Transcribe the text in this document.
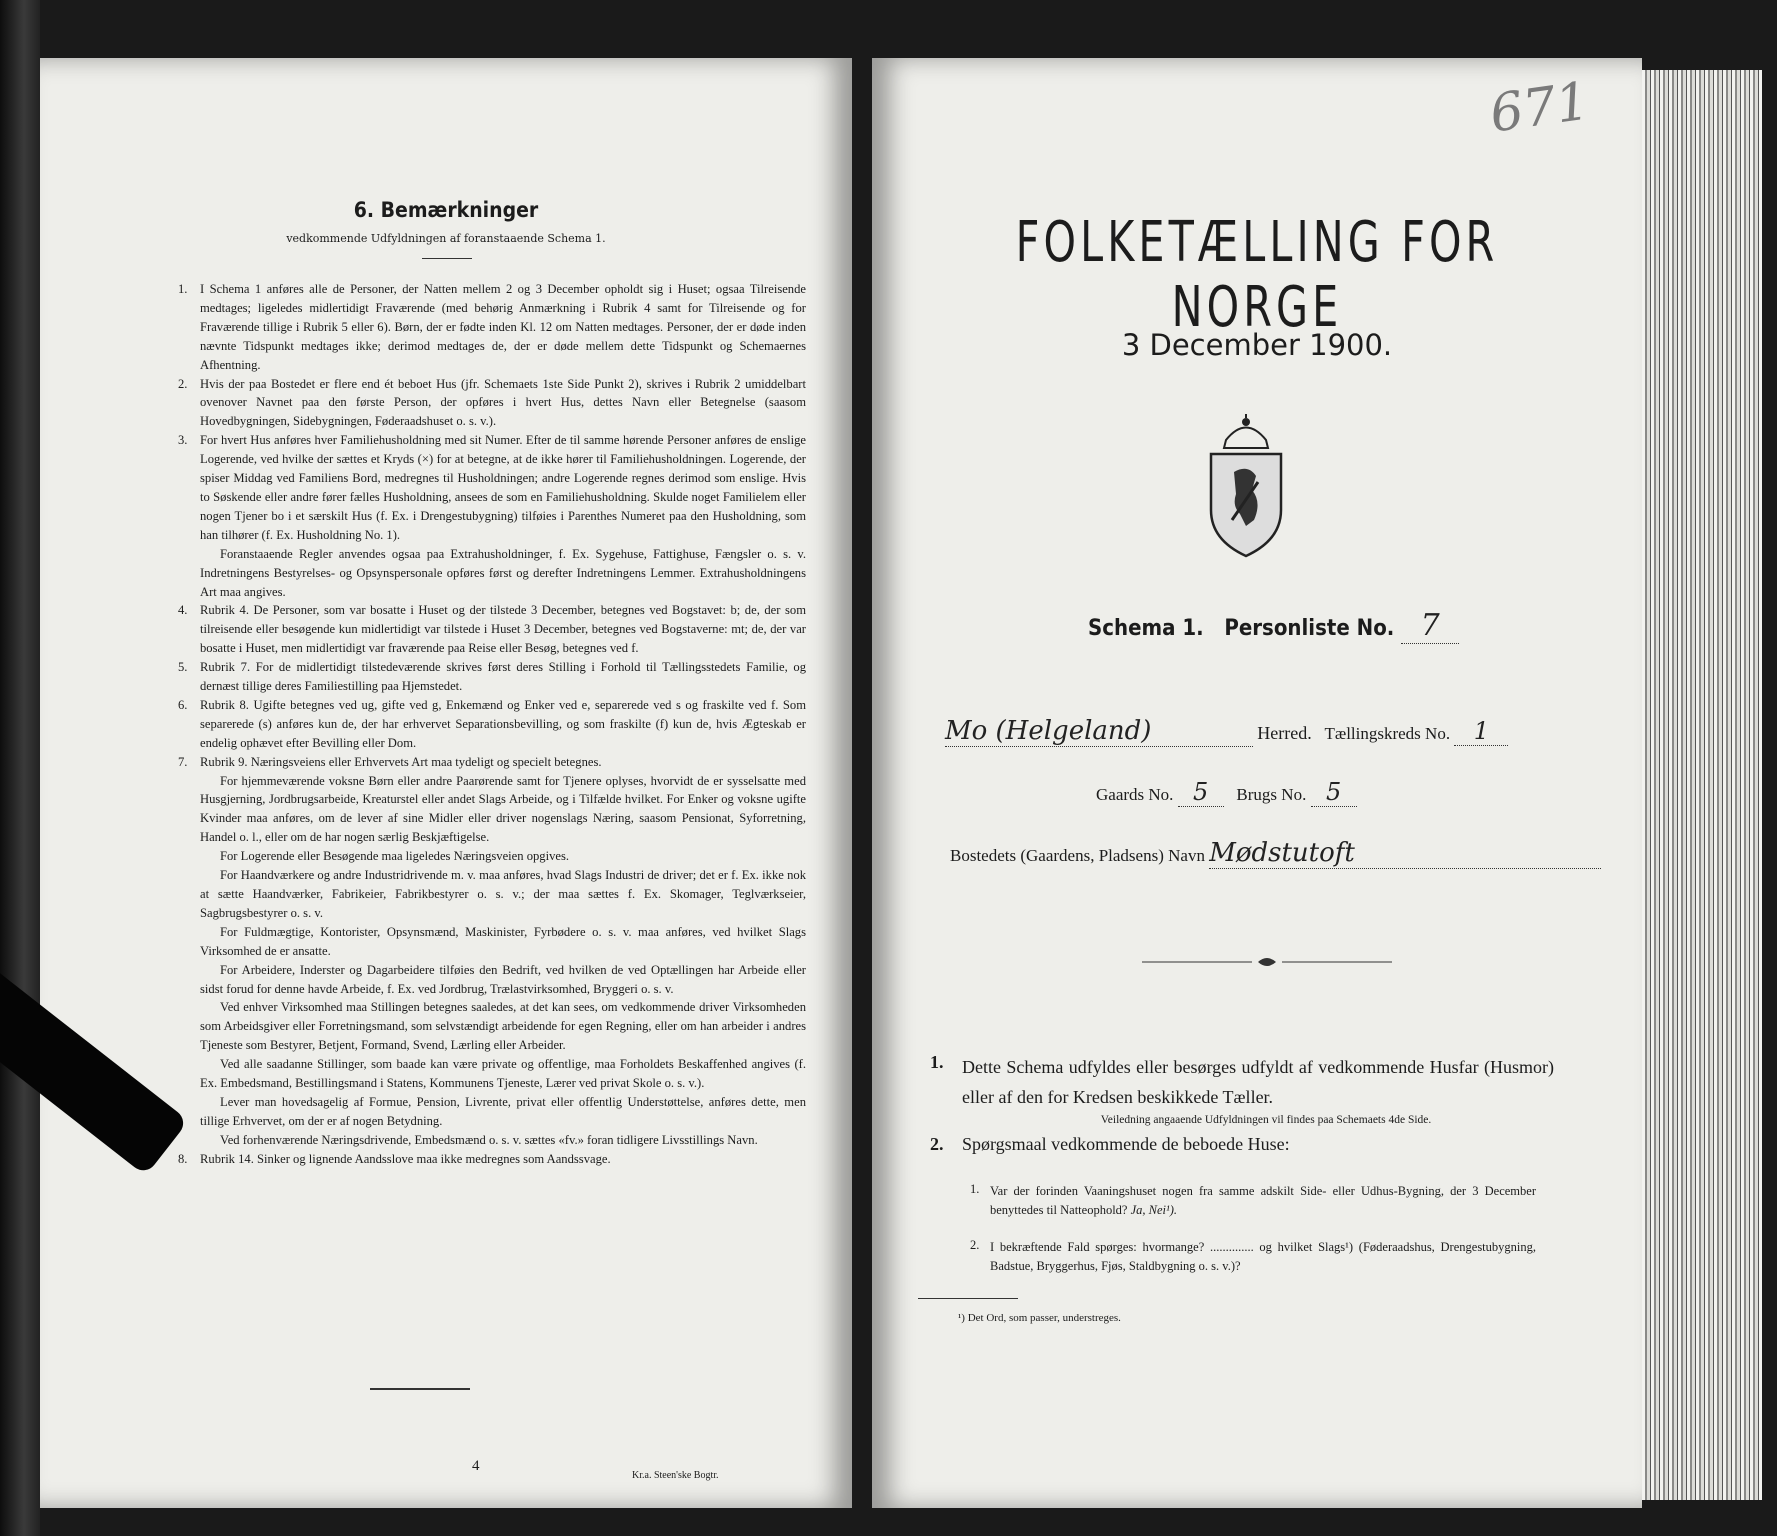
6. Bemærkninger
vedkommende Udfyldningen af foranstaaende Schema 1.

1. I Schema 1 anføres alle de Personer, der Natten mellem 2 og 3 December opholdt sig i Huset; ogsaa Tilreisende medtages; ligeledes midlertidigt Fraværende (med behørig Anmærkning i Rubrik 4 samt for Tilreisende og for Fraværende tillige i Rubrik 5 eller 6). Børn, der er fødte inden Kl. 12 om Natten medtages. Personer, der er døde inden nævnte Tidspunkt medtages ikke; derimod medtages de, der er døde mellem dette Tidspunkt og Schemaernes Afhentning.

2. Hvis der paa Bostedet er flere end ét beboet Hus (jfr. Schemaets 1ste Side Punkt 2), skrives i Rubrik 2 umiddelbart ovenover Navnet paa den første Person, der opføres i hvert Hus, dettes Navn eller Betegnelse (saasom Hovedbygningen, Sidebygningen, Føderaadshuset o. s. v.).

3. For hvert Hus anføres hver Familiehusholdning med sit Numer. Efter de til samme hørende Personer anføres de enslige Logerende, ved hvilke der sættes et Kryds (×) for at betegne, at de ikke hører til Familiehusholdningen. Logerende, der spiser Middag ved Familiens Bord, medregnes til Husholdningen; andre Logerende regnes derimod som enslige. Hvis to Søskende eller andre fører fælles Husholdning, ansees de som en Familiehusholdning. Skulde noget Familielem eller nogen Tjener bo i et særskilt Hus (f. Ex. i Drengestubygning) tilføies i Parenthes Numeret paa den Husholdning, som han tilhører (f. Ex. Husholdning No. 1).

Foranstaaende Regler anvendes ogsaa paa Extrahusholdninger, f. Ex. Sygehuse, Fattighuse, Fængsler o. s. v. Indretningens Bestyrelses- og Opsynspersonale opføres først og derefter Indretningens Lemmer. Extrahusholdningens Art maa angives.

4. Rubrik 4. De Personer, som var bosatte i Huset og der tilstede 3 December, betegnes ved Bogstavet: b; de, der som tilreisende eller besøgende kun midlertidigt var tilstede i Huset 3 December, betegnes ved Bogstaverne: mt; de, der var bosatte i Huset, men midlertidigt var fraværende paa Reise eller Besøg, betegnes ved f.

5. Rubrik 7. For de midlertidigt tilstedeværende skrives først deres Stilling i Forhold til Tællingsstedets Familie, og dernæst tillige deres Familiestilling paa Hjemstedet.

6. Rubrik 8. Ugifte betegnes ved ug, gifte ved g, Enkemænd og Enker ved e, separerede ved s og fraskilte ved f. Som separerede (s) anføres kun de, der har erhvervet Separationsbevilling, og som fraskilte (f) kun de, hvis Ægteskab er endelig ophævet efter Bevilling eller Dom.

7. Rubrik 9. Næringsveiens eller Erhvervets Art maa tydeligt og specielt betegnes.

For hjemmeværende voksne Børn eller andre Paarørende samt for Tjenere oplyses, hvorvidt de er sysselsatte med Husgjerning, Jordbrugsarbeide, Kreaturstel eller andet Slags Arbeide, og i Tilfælde hvilket. For Enker og voksne ugifte Kvinder maa anføres, om de lever af sine Midler eller driver nogenslags Næring, saasom Pensionat, Syforretning, Handel o. l., eller om de har nogen særlig Beskjæftigelse.

For Logerende eller Besøgende maa ligeledes Næringsveien opgives.

For Haandværkere og andre Industridrivende m. v. maa anføres, hvad Slags Industri de driver; det er f. Ex. ikke nok at sætte Haandværker, Fabrikeier, Fabrikbestyrer o. s. v.; der maa sættes f. Ex. Skomager, Teglværkseier, Sagbrugsbestyrer o. s. v.

For Fuldmægtige, Kontorister, Opsynsmænd, Maskinister, Fyrbødere o. s. v. maa anføres, ved hvilket Slags Virksomhed de er ansatte.

For Arbeidere, Inderster og Dagarbeidere tilføies den Bedrift, ved hvilken de ved Optællingen har Arbeide eller sidst forud for denne havde Arbeide, f. Ex. ved Jordbrug, Trælastvirksomhed, Bryggeri o. s. v.

Ved enhver Virksomhed maa Stillingen betegnes saaledes, at det kan sees, om vedkommende driver Virksomheden som Arbeidsgiver eller Forretningsmand, som selvstændigt arbeidende for egen Regning, eller om han arbeider i andres Tjeneste som Bestyrer, Betjent, Formand, Svend, Lærling eller Arbeider.

Ved alle saadanne Stillinger, som baade kan være private og offentlige, maa Forholdets Beskaffenhed angives (f. Ex. Embedsmand, Bestillingsmand i Statens, Kommunens Tjeneste, Lærer ved privat Skole o. s. v.).

Lever man hovedsagelig af Formue, Pension, Livrente, privat eller offentlig Understøttelse, anføres dette, men tillige Erhvervet, om der er af nogen Betydning.

Ved forhenværende Næringsdrivende, Embedsmænd o. s. v. sættes «fv.» foran tidligere Livsstillings Navn.

8. Rubrik 14. Sinker og lignende Aandsslove maa ikke medregnes som Aandssvage.

4
Kr.a. Steen'ske Bogtr.
671
FOLKETÆLLING FOR NORGE
3 December 1900.
Schema 1. Personliste No. 7
Mo (Helgeland)	Herred. Tællingskreds No. 1
Gaards No. 5 Brugs No. 5
Bostedets (Gaardens, Pladsens) Navn Mødstutoft
1. Dette Schema udfyldes eller besørges udfyldt af vedkommende Husfar (Husmor) eller af den for Kredsen beskikkede Tæller.
Veiledning angaaende Udfyldningen vil findes paa Schemaets 4de Side.
2. Spørgsmaal vedkommende de beboede Huse:
1. Var der forinden Vaaningshuset nogen fra samme adskilt Side- eller Udhus-Bygning, der 3 December benyttedes til Natteophold? Ja, Nei¹).
2. I bekræftende Fald spørges: hvormange? .............. og hvilket Slags¹) (Føderaadshus, Drengestubygning, Badstue, Bryggerhus, Fjøs, Staldbygning o. s. v.)?
¹) Det Ord, som passer, understreges.
